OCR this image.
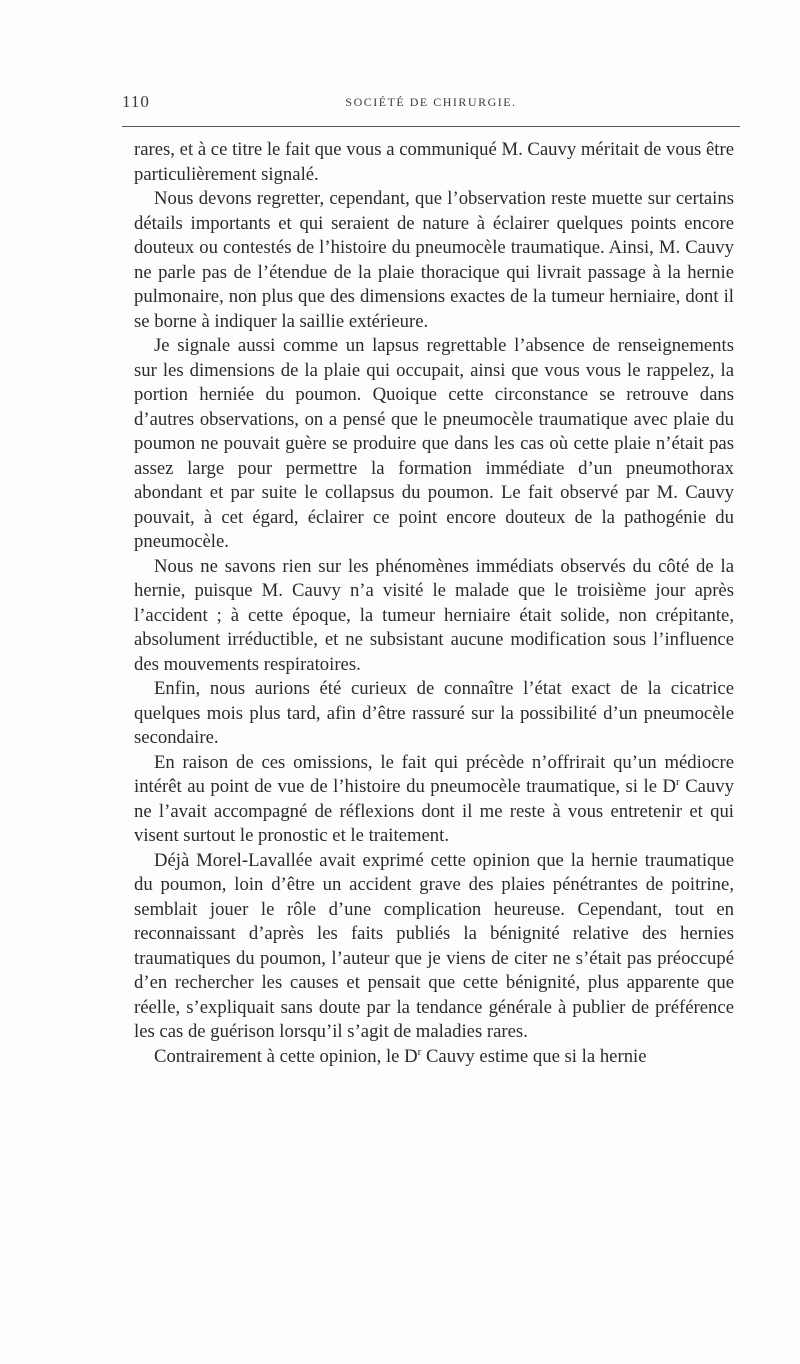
110	SOCIÉTÉ DE CHIRURGIE.

rares, et à ce titre le fait que vous a communiqué M. Cauvy méritait de vous être particulièrement signalé.

Nous devons regretter, cependant, que l’observation reste muette sur certains détails importants et qui seraient de nature à éclairer quelques points encore douteux ou contestés de l’histoire du pneumocèle traumatique. Ainsi, M. Cauvy ne parle pas de l’étendue de la plaie thoracique qui livrait passage à la hernie pulmonaire, non plus que des dimensions exactes de la tumeur herniaire, dont il se borne à indiquer la saillie extérieure.

Je signale aussi comme un lapsus regrettable l’absence de renseignements sur les dimensions de la plaie qui occupait, ainsi que vous vous le rappelez, la portion herniée du poumon. Quoique cette circonstance se retrouve dans d’autres observations, on a pensé que le pneumocèle traumatique avec plaie du poumon ne pouvait guère se produire que dans les cas où cette plaie n’était pas assez large pour permettre la formation immédiate d’un pneumothorax abondant et par suite le collapsus du poumon. Le fait observé par M. Cauvy pouvait, à cet égard, éclairer ce point encore douteux de la pathogénie du pneumocèle.

Nous ne savons rien sur les phénomènes immédiats observés du côté de la hernie, puisque M. Cauvy n’a visité le malade que le troisième jour après l’accident ; à cette époque, la tumeur herniaire était solide, non crépitante, absolument irréductible, et ne subsistant aucune modification sous l’influence des mouvements respiratoires.

Enfin, nous aurions été curieux de connaître l’état exact de la cicatrice quelques mois plus tard, afin d’être rassuré sur la possibilité d’un pneumocèle secondaire.

En raison de ces omissions, le fait qui précède n’offrirait qu’un médiocre intérêt au point de vue de l’histoire du pneumocèle traumatique, si le $D^r$ Cauvy ne l’avait accompagné de réflexions dont il me reste à vous entretenir et qui visent surtout le pronostic et le traitement.

Déjà Morel-Lavallée avait exprimé cette opinion que la hernie traumatique du poumon, loin d’être un accident grave des plaies pénétrantes de poitrine, semblait jouer le rôle d’une complication heureuse. Cependant, tout en reconnaissant d’après les faits publiés la bénignité relative des hernies traumatiques du poumon, l’auteur que je viens de citer ne s’était pas préoccupé d’en rechercher les causes et pensait que cette bénignité, plus apparente que réelle, s’expliquait sans doute par la tendance générale à publier de préférence les cas de guérison lorsqu’il s’agit de maladies rares.

Contrairement à cette opinion, le $D^r$ Cauvy estime que si la hernie
